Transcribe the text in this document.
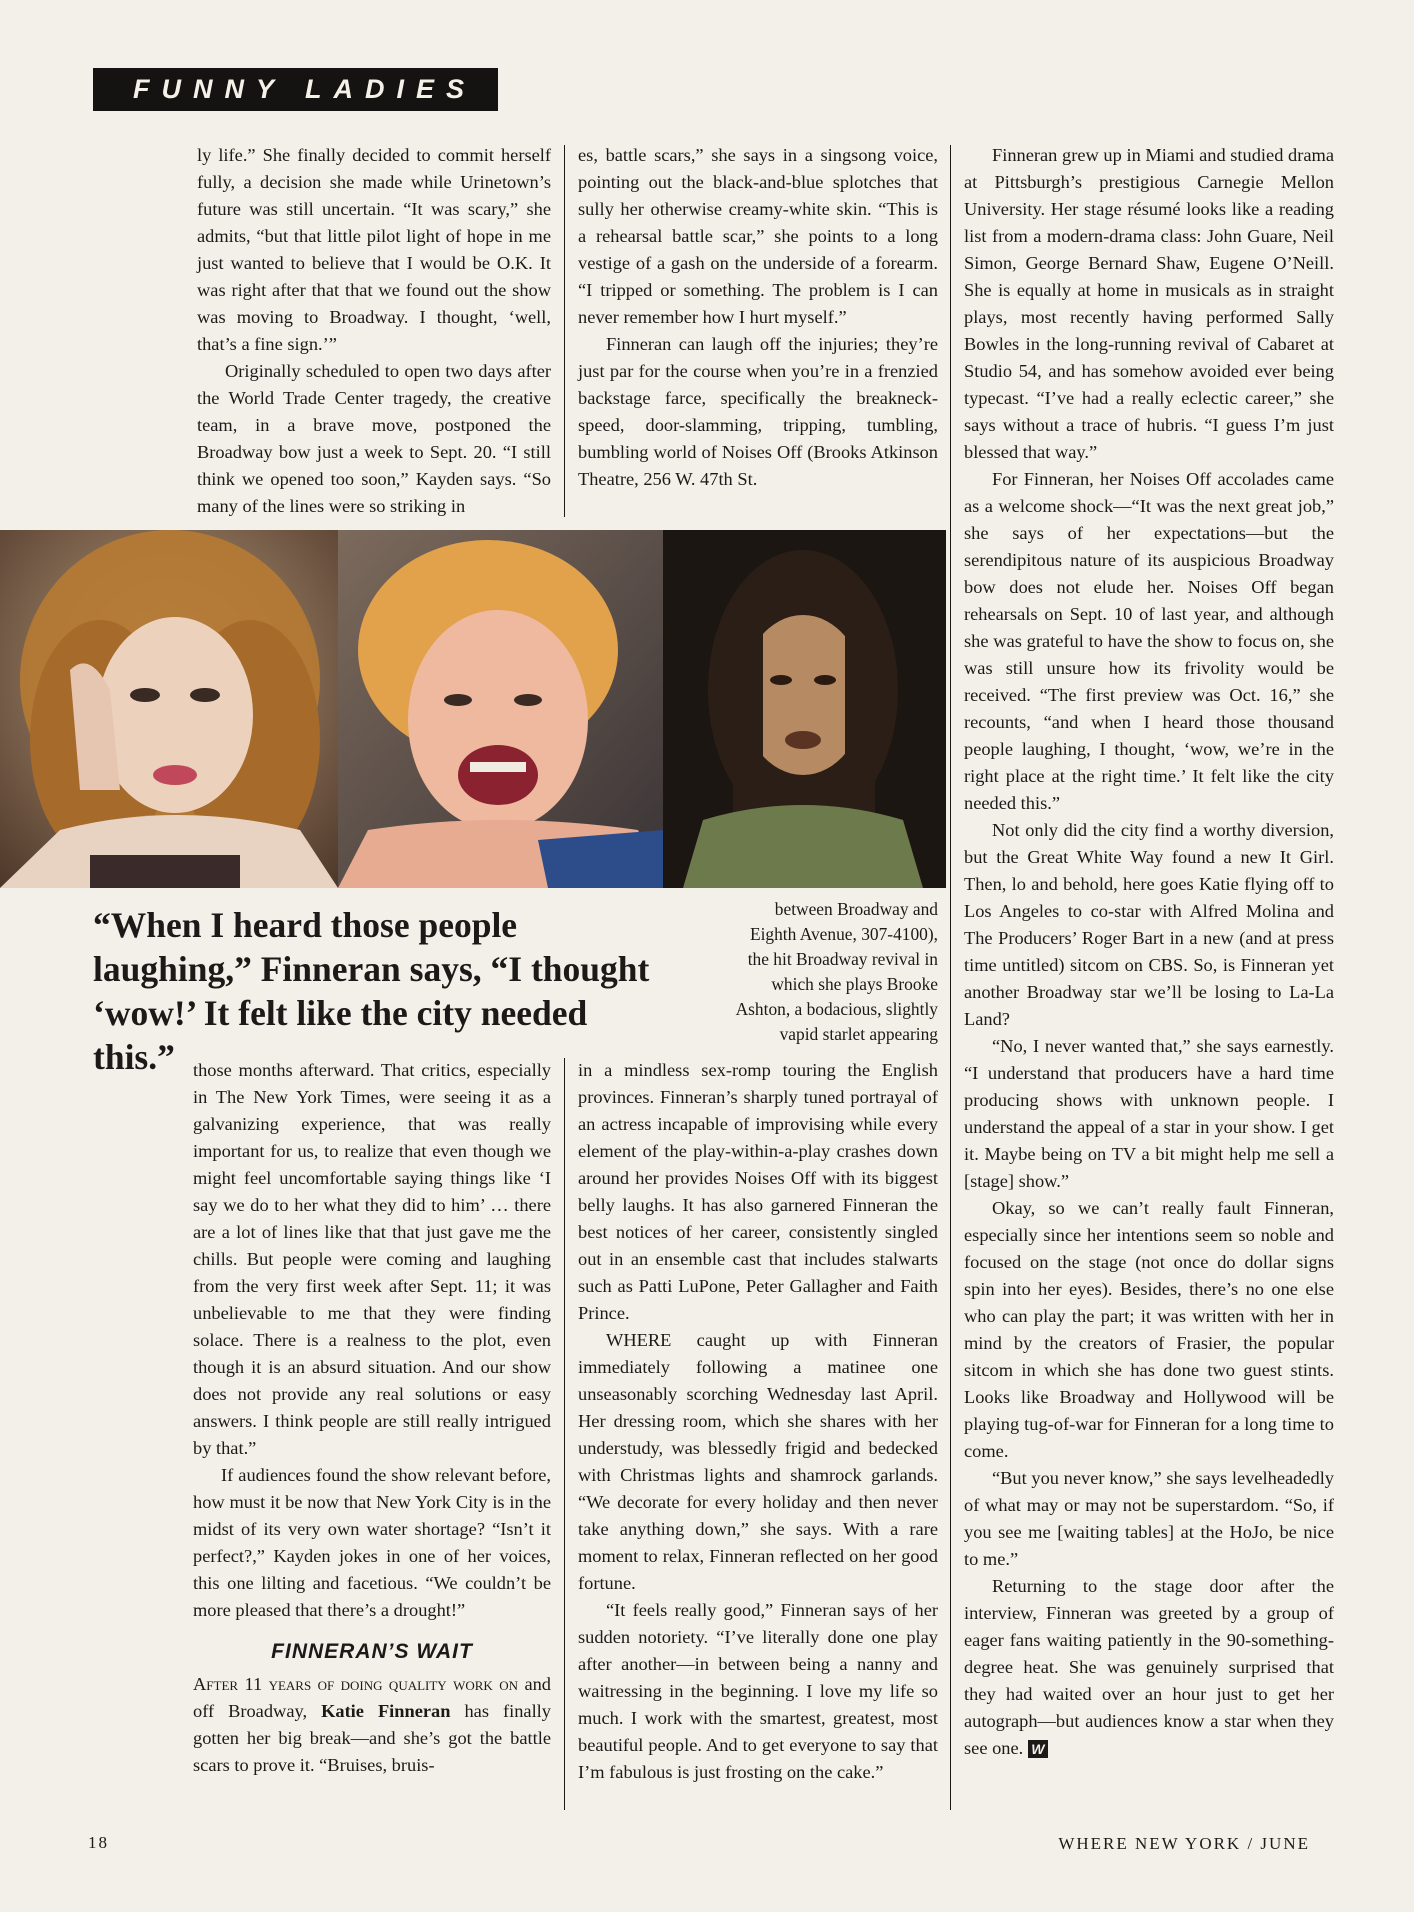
FUNNY LADIES

ly life.” She finally decided to commit herself fully, a decision she made while Urinetown’s future was still uncertain. “It was scary,” she admits, “but that little pilot light of hope in me just wanted to believe that I would be O.K. It was right after that that we found out the show was moving to Broadway. I thought, ‘well, that’s a fine sign.’”

Originally scheduled to open two days after the World Trade Center tragedy, the creative team, in a brave move, postponed the Broadway bow just a week to Sept. 20. “I still think we opened too soon,” Kayden says. “So many of the lines were so striking in

es, battle scars,” she says in a singsong voice, pointing out the black-and-blue splotches that sully her otherwise creamy-white skin. “This is a rehearsal battle scar,” she points to a long vestige of a gash on the underside of a forearm. “I tripped or something. The problem is I can never remember how I hurt myself.”

Finneran can laugh off the injuries; they’re just par for the course when you’re in a frenzied backstage farce, specifically the breakneck-speed, door-slamming, tripping, tumbling, bumbling world of Noises Off (Brooks Atkinson Theatre, 256 W. 47th St.

“When I heard those people laughing,” Finneran says, “I thought ‘wow!’ It felt like the city needed this.”
between Broadway and Eighth Avenue, 307-4100), the hit Broadway revival in which she plays Brooke Ashton, a bodacious, slightly vapid starlet appearing

those months afterward. That critics, especially in The New York Times, were seeing it as a galvanizing experience, that was really important for us, to realize that even though we might feel uncomfortable saying things like ‘I say we do to her what they did to him’ … there are a lot of lines like that that just gave me the chills. But people were coming and laughing from the very first week after Sept. 11; it was unbelievable to me that they were finding solace. There is a realness to the plot, even though it is an absurd situation. And our show does not provide any real solutions or easy answers. I think people are still really intrigued by that.”

If audiences found the show relevant before, how must it be now that New York City is in the midst of its very own water shortage? “Isn’t it perfect?,” Kayden jokes in one of her voices, this one lilting and facetious. “We couldn’t be more pleased that there’s a drought!”

FINNERAN’S WAIT

After 11 years of doing quality work on and off Broadway, Katie Finneran has finally gotten her big break—and she’s got the battle scars to prove it. “Bruises, bruis-

in a mindless sex-romp touring the English provinces. Finneran’s sharply tuned portrayal of an actress incapable of improvising while every element of the play-within-a-play crashes down around her provides Noises Off with its biggest belly laughs. It has also garnered Finneran the best notices of her career, consistently singled out in an ensemble cast that includes stalwarts such as Patti LuPone, Peter Gallagher and Faith Prince.

WHERE caught up with Finneran immediately following a matinee one unseasonably scorching Wednesday last April. Her dressing room, which she shares with her understudy, was blessedly frigid and bedecked with Christmas lights and shamrock garlands. “We decorate for every holiday and then never take anything down,” she says. With a rare moment to relax, Finneran reflected on her good fortune.

“It feels really good,” Finneran says of her sudden notoriety. “I’ve literally done one play after another—in between being a nanny and waitressing in the beginning. I love my life so much. I work with the smartest, greatest, most beautiful people. And to get everyone to say that I’m fabulous is just frosting on the cake.”

Finneran grew up in Miami and studied drama at Pittsburgh’s prestigious Carnegie Mellon University. Her stage résumé looks like a reading list from a modern-drama class: John Guare, Neil Simon, George Bernard Shaw, Eugene O’Neill. She is equally at home in musicals as in straight plays, most recently having performed Sally Bowles in the long-running revival of Cabaret at Studio 54, and has somehow avoided ever being typecast. “I’ve had a really eclectic career,” she says without a trace of hubris. “I guess I’m just blessed that way.”

For Finneran, her Noises Off accolades came as a welcome shock—“It was the next great job,” she says of her expectations—but the serendipitous nature of its auspicious Broadway bow does not elude her. Noises Off began rehearsals on Sept. 10 of last year, and although she was grateful to have the show to focus on, she was still unsure how its frivolity would be received. “The first preview was Oct. 16,” she recounts, “and when I heard those thousand people laughing, I thought, ‘wow, we’re in the right place at the right time.’ It felt like the city needed this.”

Not only did the city find a worthy diversion, but the Great White Way found a new It Girl. Then, lo and behold, here goes Katie flying off to Los Angeles to co-star with Alfred Molina and The Producers’ Roger Bart in a new (and at press time untitled) sitcom on CBS. So, is Finneran yet another Broadway star we’ll be losing to La-La Land?

“No, I never wanted that,” she says earnestly. “I understand that producers have a hard time producing shows with unknown people. I understand the appeal of a star in your show. I get it. Maybe being on TV a bit might help me sell a [stage] show.”

Okay, so we can’t really fault Finneran, especially since her intentions seem so noble and focused on the stage (not once do dollar signs spin into her eyes). Besides, there’s no one else who can play the part; it was written with her in mind by the creators of Frasier, the popular sitcom in which she has done two guest stints. Looks like Broadway and Hollywood will be playing tug-of-war for Finneran for a long time to come.

“But you never know,” she says levelheadedly of what may or may not be superstardom. “So, if you see me [waiting tables] at the HoJo, be nice to me.”

Returning to the stage door after the interview, Finneran was greeted by a group of eager fans waiting patiently in the 90-something-degree heat. She was genuinely surprised that they had waited over an hour just to get her autograph—but audiences know a star when they see one. W

18	WHERE NEW YORK / JUNE
